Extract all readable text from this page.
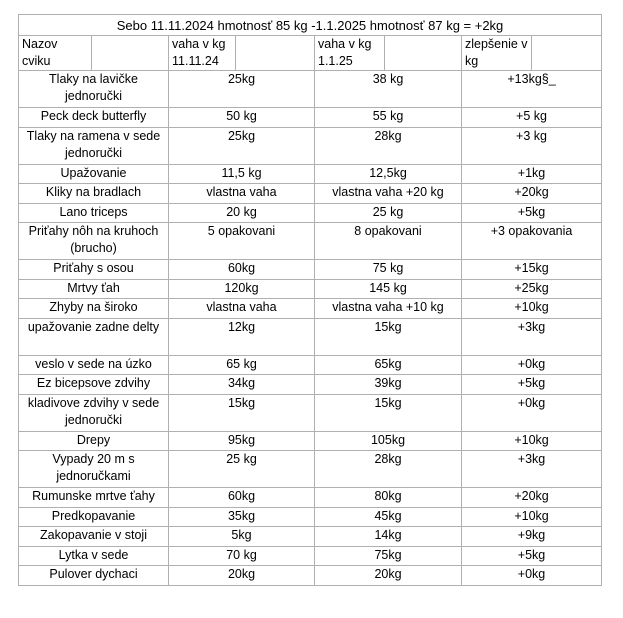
Sebo 11.11.2024 hmotnosť 85 kg -1.1.2025 hmotnosť 87 kg = +2kg							
Nazov cviku		vaha v kg 11.11.24		vaha v kg 1.1.25		zlepšenie v kg	
Tlaky na lavičke jednoručki		25kg		38 kg		+13kg§_	
Peck deck butterfly		50 kg		55 kg		+5 kg	
Tlaky na ramena v sede jednoručki		25kg		28kg		+3 kg	
Upažovanie		11,5 kg		12,5kg		+1kg	
Kliky na bradlach		vlastna vaha		vlastna vaha +20 kg		+20kg	
Lano triceps		20 kg		25 kg		+5kg	
Priťahy nôh na kruhoch (brucho)		5 opakovani		8 opakovani		+3 opakovania	
Priťahy s osou		60kg		75 kg		+15kg	
Mrtvy ťah		120kg		145 kg		+25kg	
Zhyby na široko		vlastna vaha		vlastna vaha +10 kg		+10kg	
upažovanie zadne delty		12kg		15kg		+3kg	
veslo v sede na úzko		65 kg		65kg		+0kg	
Ez bicepsove zdvihy		34kg		39kg		+5kg	
kladivove zdvihy v sede jednoručki		15kg		15kg		+0kg	
Drepy		95kg		105kg		+10kg	
Vypady 20 m s jednoručkami		25 kg		28kg		+3kg	
Rumunske mrtve ťahy		60kg		80kg		+20kg	
Predkopavanie		35kg		45kg		+10kg	
Zakopavanie v stoji		5kg		14kg		+9kg	
Lytka v sede		70 kg		75kg		+5kg	
Pulover dychaci		20kg		20kg		+0kg	
